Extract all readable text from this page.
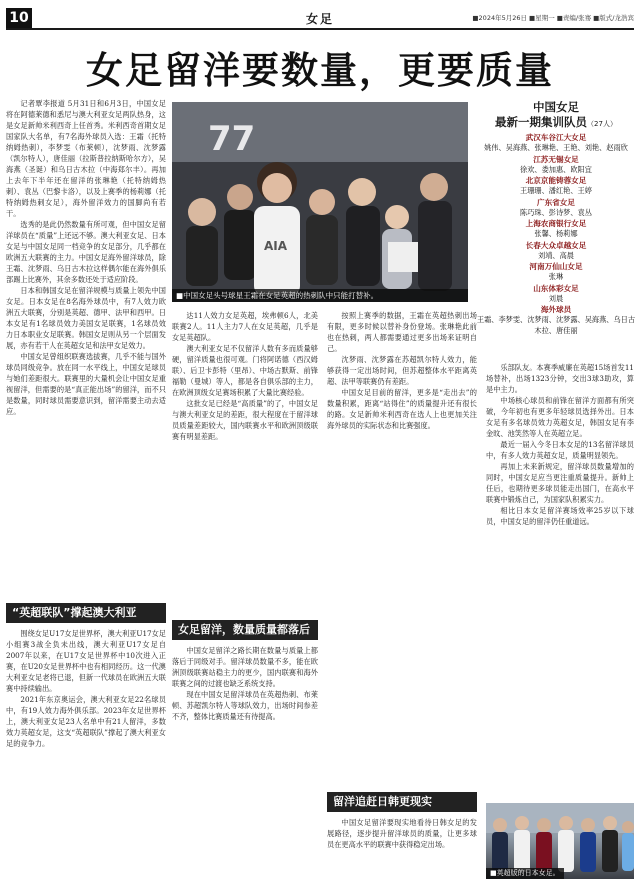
10	女足	■2024年5月26日 ■星期一 ■责编/张骞 ■版式/龙浩宾
女足留洋要数量，更要质量

记者覃李报道 5月31日和6月3日，中国女足将在阿德莱德和悉尼与澳大利亚女足两队热身，这是女足新帅米利西奇上任首秀。米利西奇首期女足国家队大名单，有7名海外球员入选：王霜（托特纳姆热刺），李梦雯（布莱顿），沈梦雨、沈梦露（凯尔特人），唐佳丽（拉斯普拉纳斯哈尔方），吴海燕（圣诞）和乌日古木拉（中海郑尔丰）。再加上去年下半年还在留洋的张琳艳（托特纳姆热刺）、袁丛（巴黎卡洛），以及上赛季的杨莉娜（托特纳姆热刺女足），海外留洋效力的国脚尚有若干。

选秀的是此仍然数量有所可观，但中国女足留洋球员在“质量”上还远不够。澳大利亚女足、日本女足与中国女足同一档竞争的女足部分，几乎都在欧洲五大联赛的主力。中国女足海外留洋球员，除王霜、沈梦雨、乌日古木拉这样偶尔能在海外俱乐部踢上比赛外，其余多数还处于适应阶段。

日本和韩国女足在留洋规模与质量上领先中国女足。日本女足在8名海外球员中，有7人效力欧洲五大联赛，分别是英超、德甲、法甲和西甲。日本女足有1名球员效力美国女足联赛，1名球员效力日本职业女足联赛。韩国女足则从另一个层面发展，亦有若干人在英超女足和法甲女足效力。

中国女足曾组织联赛选拔赛，几乎不能与国外球员同级竞争。放在同一水平线上，中国女足球员与她们差距很大。联赛里的大量机会让中国女足重视留洋，但需要的是“真正能出场”的留洋，而不只是数量，同时球员需要意识到，留洋需要主动去适应。

“英超联队”撑起澳大利亚

围绕女足U17女足世界杯，澳大利亚U17女足小组赛3战全负未出线，澳大利亚U17女足自2007年以来，在U17女足世界杯中10次进入正赛，在U20女足世界杯中也有相同经历。这一代澳大利亚女足老将已退，但新一代球员在欧洲五大联赛中持续输出。

2021年东京奥运会，澳大利亚女足22名球员中，有19人效力海外俱乐部。2023年女足世界杯上，澳大利亚女足23人名单中有21人留洋，多数效力英超女足，这支“英超联队”撑起了澳大利亚女足的竞争力。

77
AIA
■中国女足头号球星王霜在女足英超的热刺队中只能打替补。

达11人效力女足英超，埃弗顿6人，北美联赛2人。11人主力7人在女足英超，几乎是女足英超队。

澳大利亚女足不仅留洋人数有多而质量够硬，留洋质量也很可观。门将阿诺德（西汉姆联）、后卫卡彭特（里昂）、中场古默斯、前锋福勒（曼城）等人，都是各自俱乐部的主力，在欧洲顶级女足赛场积累了大量比赛经验。

这批女足已经是“高质量”的了，中国女足与澳大利亚女足的差距，很大程度在于留洋球员质量差距较大，国内联赛水平和欧洲顶级联赛有明显差距。

女足留洋，数量质量都落后

中国女足留洋之路长期在数量与质量上都落后于同级对手。留洋球员数量不多，能在欧洲顶级联赛站稳主力的更少，国内联赛和海外联赛之间的过渡也缺乏系统支持。

现在中国女足留洋球员在英超热刺、布莱顿、苏超凯尔特人等球队效力，出场时间参差不齐，整体比赛质量还有待提高。

按照上赛季的数据，王霜在英超热刺出场有限，更多时候以替补身份登场。张琳艳此前也在热刺，两人都需要通过更多出场来证明自己。

沈梦雨、沈梦露在苏超凯尔特人效力，能够获得一定出场时间，但苏超整体水平距离英超、法甲等联赛仍有差距。

中国女足目前的留洋，更多是“走出去”的数量积累，距离“站得住”的质量提升还有很长的路。女足新帅米利西奇在选人上也更加关注海外球员的实际状态和比赛强度。

留洋追赶日韩更现实

中国女足留洋要现实地看待日韩女足的发展路径，逐步提升留洋球员的质量，让更多球员在更高水平的联赛中获得稳定出场。

中国女足
最新一期集训队员（27人）
武汉车谷江大女足
姚伟、吴海燕、张琳艳、王艳、刘艳、赵雨欣
江苏无锡女足
徐欢、娄加惠、欧阳宜
北京京能铸蓉女足
王珊珊、潘红艳、王婷
广东省女足
陈巧珠、彭诗梦、袁丛
上海农商银行女足
张馨、杨莉娜
长春大众卓越女足
刘靖、高晨
河南万仙山女足
张琳
山东体彩女足
刘晨
海外球员
王霜、李梦雯、沈梦雨、沈梦露、吴海燕、乌日古木拉、唐佳丽

乐部队友。本赛季威廉在英超15场首发11场替补，出场1323分钟，交出3球3助攻，算是中主力。

中场核心球员和前锋在留洋方面都有所突破，今年初也有更多年轻球员选择外出。日本女足有多名球员效力英超女足，韩国女足有李金旼、池笑然等人在英超立足。

最近一届入今冬日本女足的13名留洋球员中，有多人效力英超女足，质量明显领先。

再加上未来新规定，留洋球员数量增加的同时，中国女足应当更注重质量提升。新帅上任后，也期待更多球员能走出国门，在高水平联赛中锻炼自己，为国家队积累实力。

相比日本女足留洋赛场效率25岁以下球员，中国女足的留洋仍任重道远。

■英超版的日本女足。
